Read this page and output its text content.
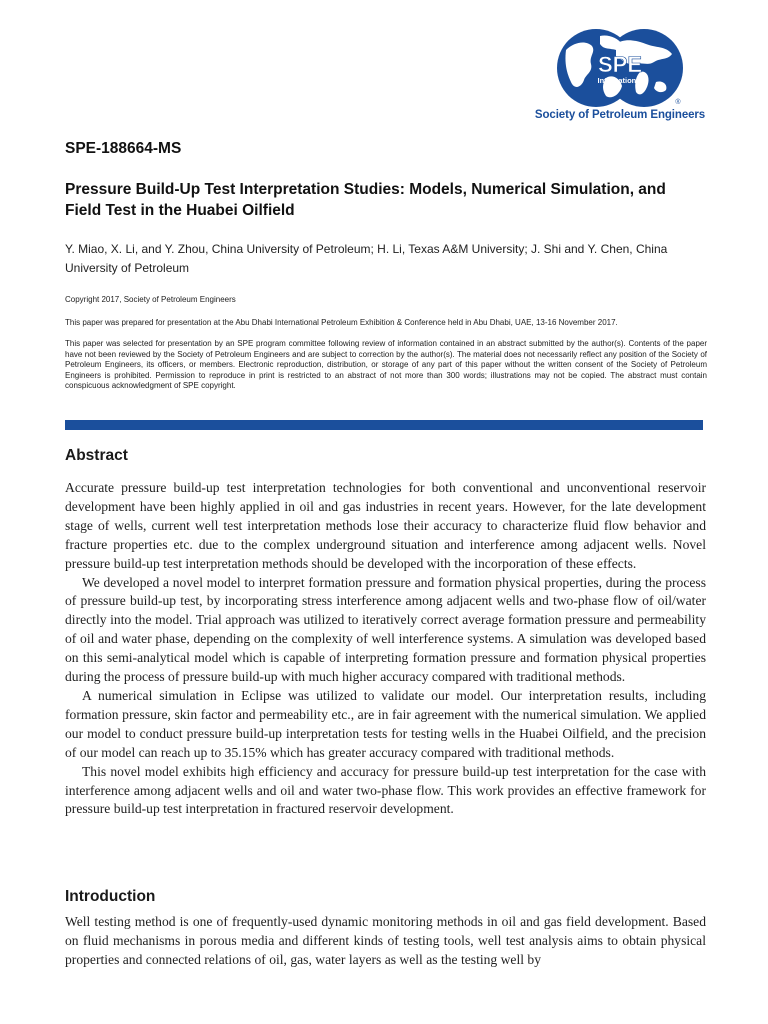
SPE
International
®
Society of Petroleum Engineers
SPE-188664-MS
Pressure Build-Up Test Interpretation Studies: Models, Numerical Simulation, and Field Test in the Huabei Oilfield
Y. Miao, X. Li, and Y. Zhou, China University of Petroleum; H. Li, Texas A&M University; J. Shi and Y. Chen, China University of Petroleum
Copyright 2017, Society of Petroleum Engineers
This paper was prepared for presentation at the Abu Dhabi International Petroleum Exhibition & Conference held in Abu Dhabi, UAE, 13-16 November 2017.
This paper was selected for presentation by an SPE program committee following review of information contained in an abstract submitted by the author(s). Contents of the paper have not been reviewed by the Society of Petroleum Engineers and are subject to correction by the author(s). The material does not necessarily reflect any position of the Society of Petroleum Engineers, its officers, or members. Electronic reproduction, distribution, or storage of any part of this paper without the written consent of the Society of Petroleum Engineers is prohibited. Permission to reproduce in print is restricted to an abstract of not more than 300 words; illustrations may not be copied. The abstract must contain conspicuous acknowledgment of SPE copyright.
Abstract

Accurate pressure build-up test interpretation technologies for both conventional and unconventional reservoir development have been highly applied in oil and gas industries in recent years. However, for the late development stage of wells, current well test interpretation methods lose their accuracy to characterize fluid flow behavior and fracture properties etc. due to the complex underground situation and interference among adjacent wells. Novel pressure build-up test interpretation methods should be developed with the incorporation of these effects.

We developed a novel model to interpret formation pressure and formation physical properties, during the process of pressure build-up test, by incorporating stress interference among adjacent wells and two-phase flow of oil/water directly into the model. Trial approach was utilized to iteratively correct average formation pressure and permeability of oil and water phase, depending on the complexity of well interference systems. A simulation was developed based on this semi-analytical model which is capable of interpreting formation pressure and formation physical properties during the process of pressure build-up with much higher accuracy compared with traditional methods.

A numerical simulation in Eclipse was utilized to validate our model. Our interpretation results, including formation pressure, skin factor and permeability etc., are in fair agreement with the numerical simulation. We applied our model to conduct pressure build-up interpretation tests for testing wells in the Huabei Oilfield, and the precision of our model can reach up to 35.15% which has greater accuracy compared with traditional methods.

This novel model exhibits high efficiency and accuracy for pressure build-up test interpretation for the case with interference among adjacent wells and oil and water two-phase flow. This work provides an effective framework for pressure build-up test interpretation in fractured reservoir development.

Introduction

Well testing method is one of frequently-used dynamic monitoring methods in oil and gas field development. Based on fluid mechanisms in porous media and different kinds of testing tools, well test analysis aims to obtain physical properties and connected relations of oil, gas, water layers as well as the testing well by
